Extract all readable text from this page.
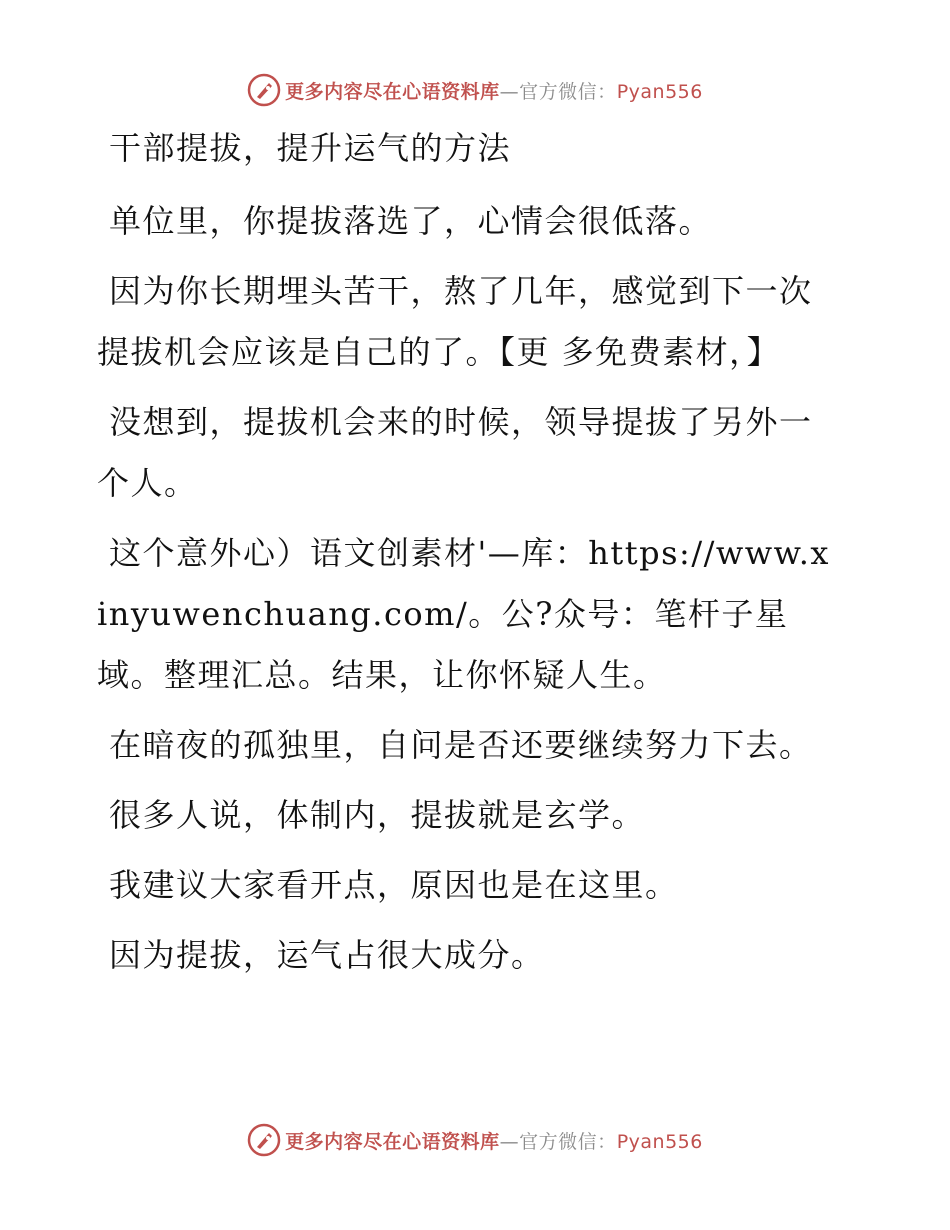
更多内容尽在心语资料库—官方微信：Pyan556

干部提拔，提升运气的方法

单位里，你提拔落选了，心情会很低落。

因为你长期埋头苦干，熬了几年，感觉到下一次提拔机会应该是自己的了。【更 多免费素材，】

没想到，提拔机会来的时候，领导提拔了另外一个人。

这个意外心）语文创素材'—库：https://www.xinyuwenchuang.com/。公?众号：笔杆子星域。整理汇总。结果，让你怀疑人生。

在暗夜的孤独里，自问是否还要继续努力下去。

很多人说，体制内，提拔就是玄学。

我建议大家看开点，原因也是在这里。

因为提拔，运气占很大成分。

更多内容尽在心语资料库—官方微信：Pyan556
